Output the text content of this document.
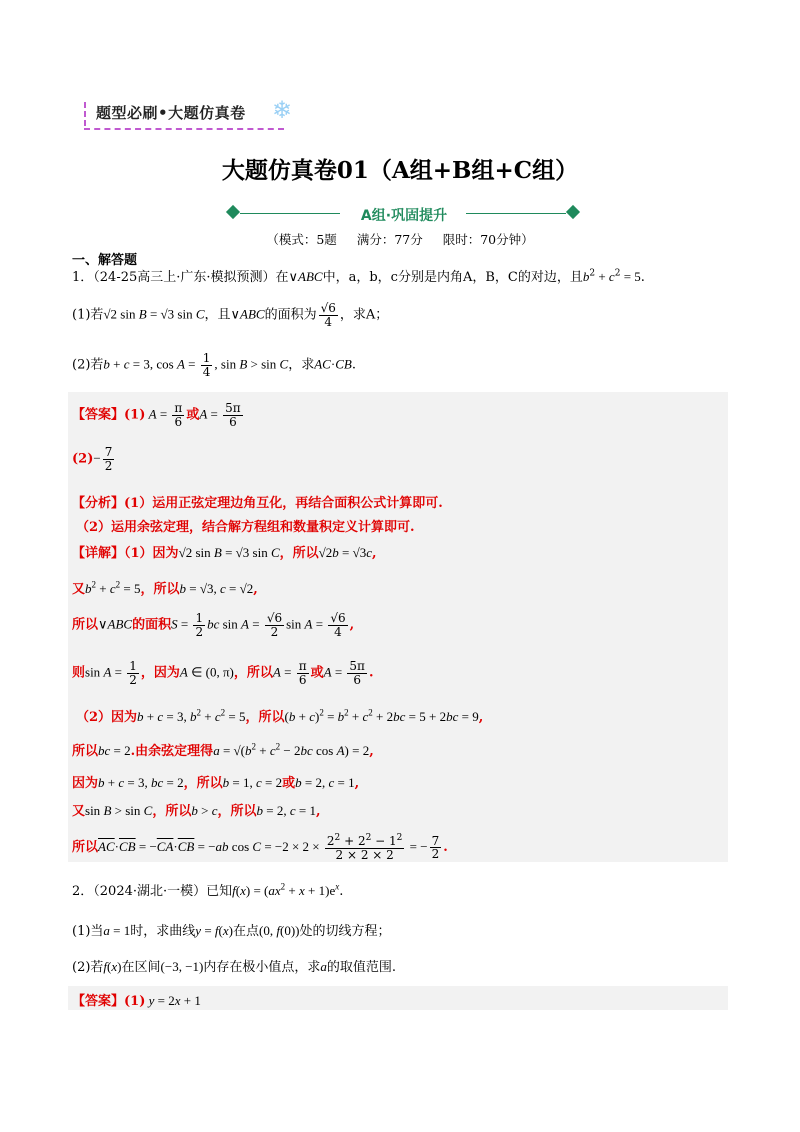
题型必刷•大题仿真卷 ❄
大题仿真卷01（A组+B组+C组）
A组·巩固提升
（模式：5题 满分：77分 限时：70分钟）
一、解答题
1．（24-25高三上·广东·模拟预测）在∨ABC中，a，b，c分别是内角A，B，C的对边，且$b^2 + c^2 = 5$.
(1)若√2 sin B = √3 sin C，且∨ABC的面积为 $\frac{√6}{4}$ ，求A；
(2)若b + c = 3, $\cos A = \frac{1}{4}$ , sin B > sin C，求AC·CB.
【答案】(1) $A = \frac{\pi}{6}$ 或$A = \frac{5\pi}{6}$
$(2)- \frac{7}{2}$
【分析】(1）运用正弦定理边角互化，再结合面积公式计算即可.
（2）运用余弦定理，结合解方程组和数量积定义计算即可.
【详解】（1）因为√2 sin B = √3 sin C，所以√2b = √3c,
又$b^2 + c^2 = 5$，所以b = √3, c = √2,
所以∨ABC的面积$S = \frac{1}{2}$ bc $\sin A = \frac{√6}{2}$ $\sin A = \frac{√6}{4}$ ,
则$\sin A = \frac{1}{2}$ ，因为A ∈ (0, π)，所以$A = \frac{\pi}{6}$ 或$A = \frac{5\pi}{6}$ .
（2）因为b + c = 3, $b^2 + c^2 = 5$，所以$(b + c)^2 = b^2 + c^2 + 2bc = 5 + 2bc = 9$,
所以bc = 2.由余弦定理得$a = √(b^2 + c^2 - 2bc$ cos A) = 2,
因为b + c = 3, bc = 2，所以b = 1, c = 2或b = 2, c = 1,
又sin B > sin C，所以b > c，所以b = 2, c = 1,
所以$\overline{AC}\cdot\overline{CB} = -\overline{CA}\cdot\overline{CB} = -ab$ $\cos C = -2 \times 2 \times \frac{2^2 + 2^2 - 1^2}{2 \times 2 \times 2}$ = − $\frac{7}{2}$ .
2．（2024·湖北·一模）已知$f(x) = (ax^2 + x + 1)e^x$.
(1)当a = 1时，求曲线y = f(x)在点(0, f(0))处的切线方程；
(2)若f(x)在区间(−3, −1)内存在极小值点，求a的取值范围.
【答案】(1) y = 2x + 1
